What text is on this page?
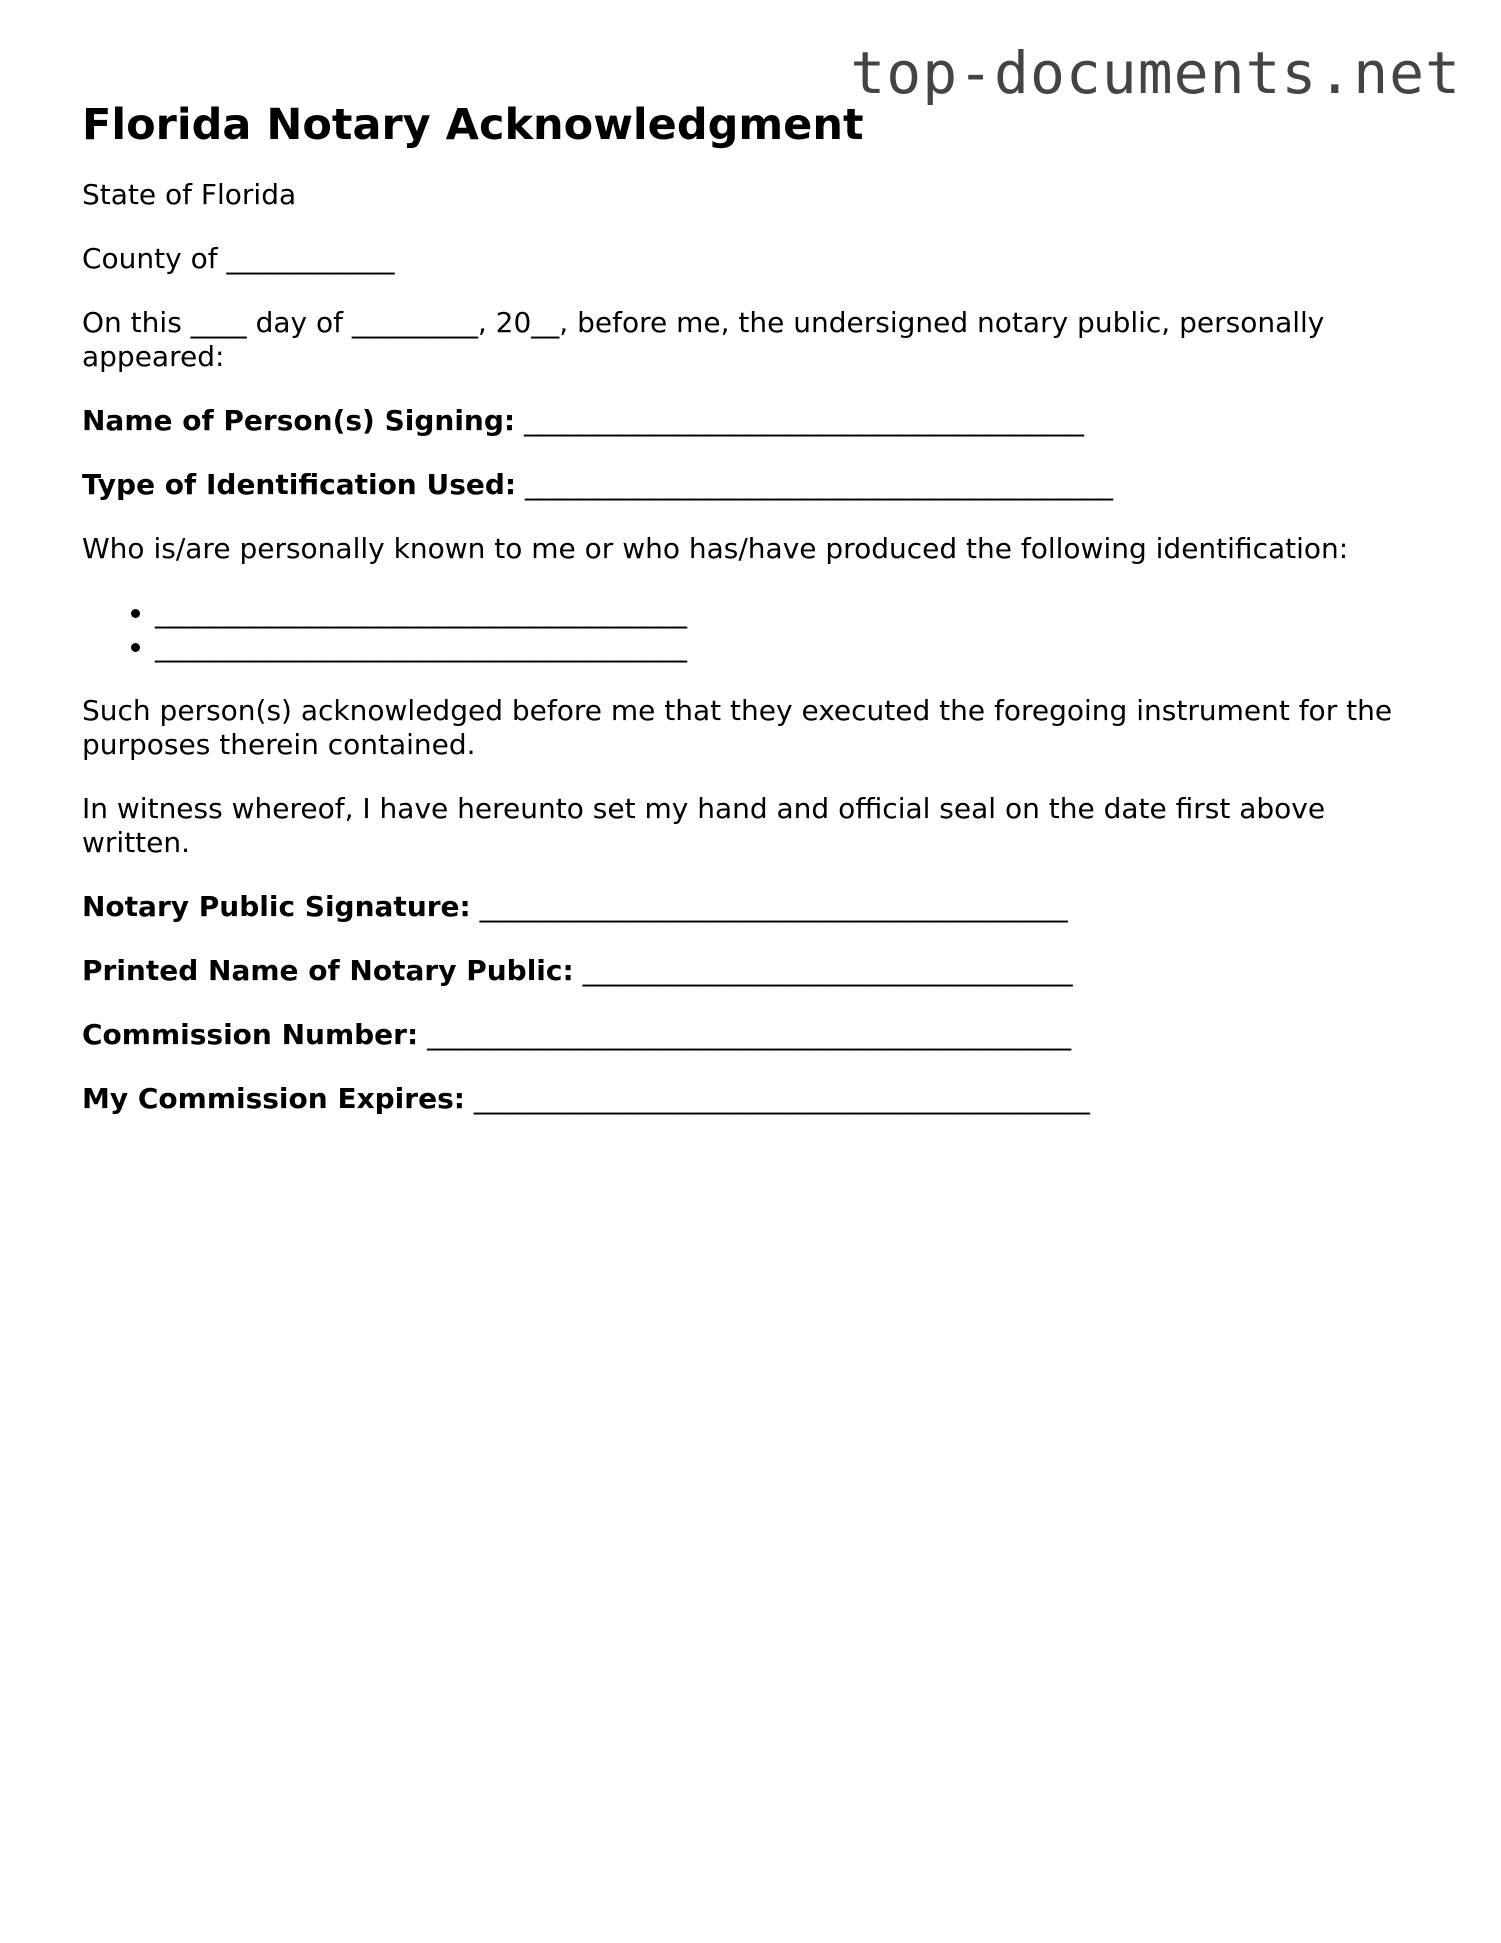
top-documents.net
Florida Notary Acknowledgment

State of Florida

County of ____________

On this ____ day of _________, 20__, before me, the undersigned notary public, personally appeared:

Name of Person(s) Signing: ________________________________________

Type of Identification Used: __________________________________________

Who is/are personally known to me or who has/have produced the following identification:

• ______________________________________
• ______________________________________

Such person(s) acknowledged before me that they executed the foregoing instrument for the purposes therein contained.

In witness whereof, I have hereunto set my hand and official seal on the date first above written.

Notary Public Signature: __________________________________________

Printed Name of Notary Public: ___________________________________

Commission Number: ______________________________________________

My Commission Expires: ____________________________________________
